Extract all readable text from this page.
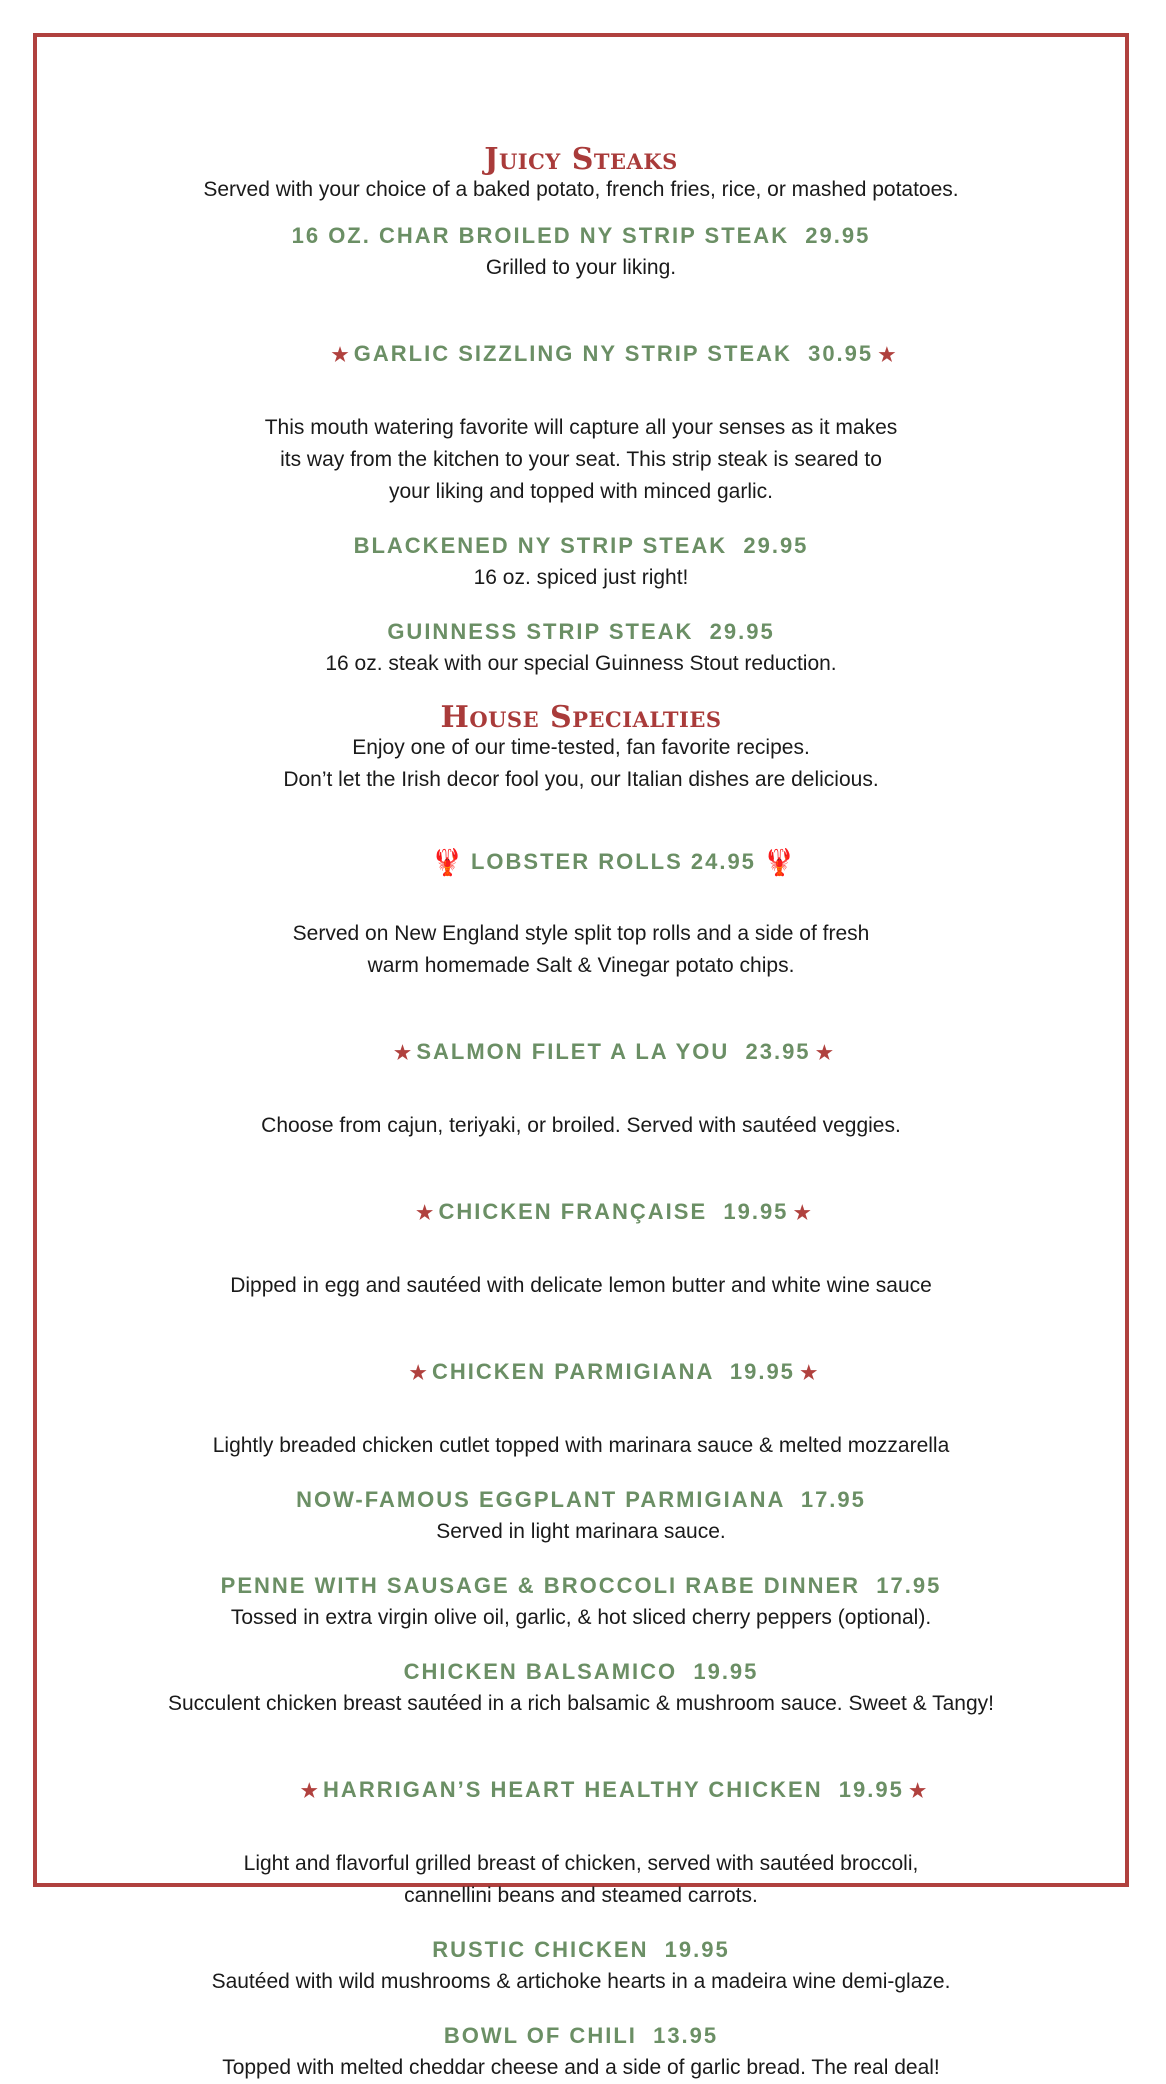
Juicy Steaks

Served with your choice of a baked potato, french fries, rice, or mashed potatoes.

16 OZ. CHAR BROILED NY STRIP STEAK  29.95

Grilled to your liking.

★ GARLIC SIZZLING NY STRIP STEAK  30.95 ★

This mouth watering favorite will capture all your senses as it makes

its way from the kitchen to your seat. This strip steak is seared to

your liking and topped with minced garlic.

BLACKENED NY STRIP STEAK  29.95

16 oz. spiced just right!

GUINNESS STRIP STEAK  29.95

16 oz. steak with our special Guinness Stout reduction.

House Specialties

Enjoy one of our time-tested, fan favorite recipes.

Don’t let the Irish decor fool you, our Italian dishes are delicious.

🦞 LOBSTER ROLLS 24.95 🦞

Served on New England style split top rolls and a side of fresh

warm homemade Salt & Vinegar potato chips.

★ SALMON FILET A LA YOU  23.95 ★

Choose from cajun, teriyaki, or broiled. Served with sautéed veggies.

★ CHICKEN FRANÇAISE  19.95 ★

Dipped in egg and sautéed with delicate lemon butter and white wine sauce

★ CHICKEN PARMIGIANA  19.95 ★

Lightly breaded chicken cutlet topped with marinara sauce & melted mozzarella

NOW-FAMOUS EGGPLANT PARMIGIANA  17.95

Served in light marinara sauce.

PENNE WITH SAUSAGE & BROCCOLI RABE DINNER  17.95

Tossed in extra virgin olive oil, garlic, & hot sliced cherry peppers (optional).

CHICKEN BALSAMICO  19.95

Succulent chicken breast sautéed in a rich balsamic & mushroom sauce. Sweet & Tangy!

★ HARRIGAN’S HEART HEALTHY CHICKEN  19.95 ★

Light and flavorful grilled breast of chicken, served with sautéed broccoli,

cannellini beans and steamed carrots.

RUSTIC CHICKEN  19.95

Sautéed with wild mushrooms & artichoke hearts in a madeira wine demi-glaze.

BOWL OF CHILI  13.95

Topped with melted cheddar cheese and a side of garlic bread. The real deal!
